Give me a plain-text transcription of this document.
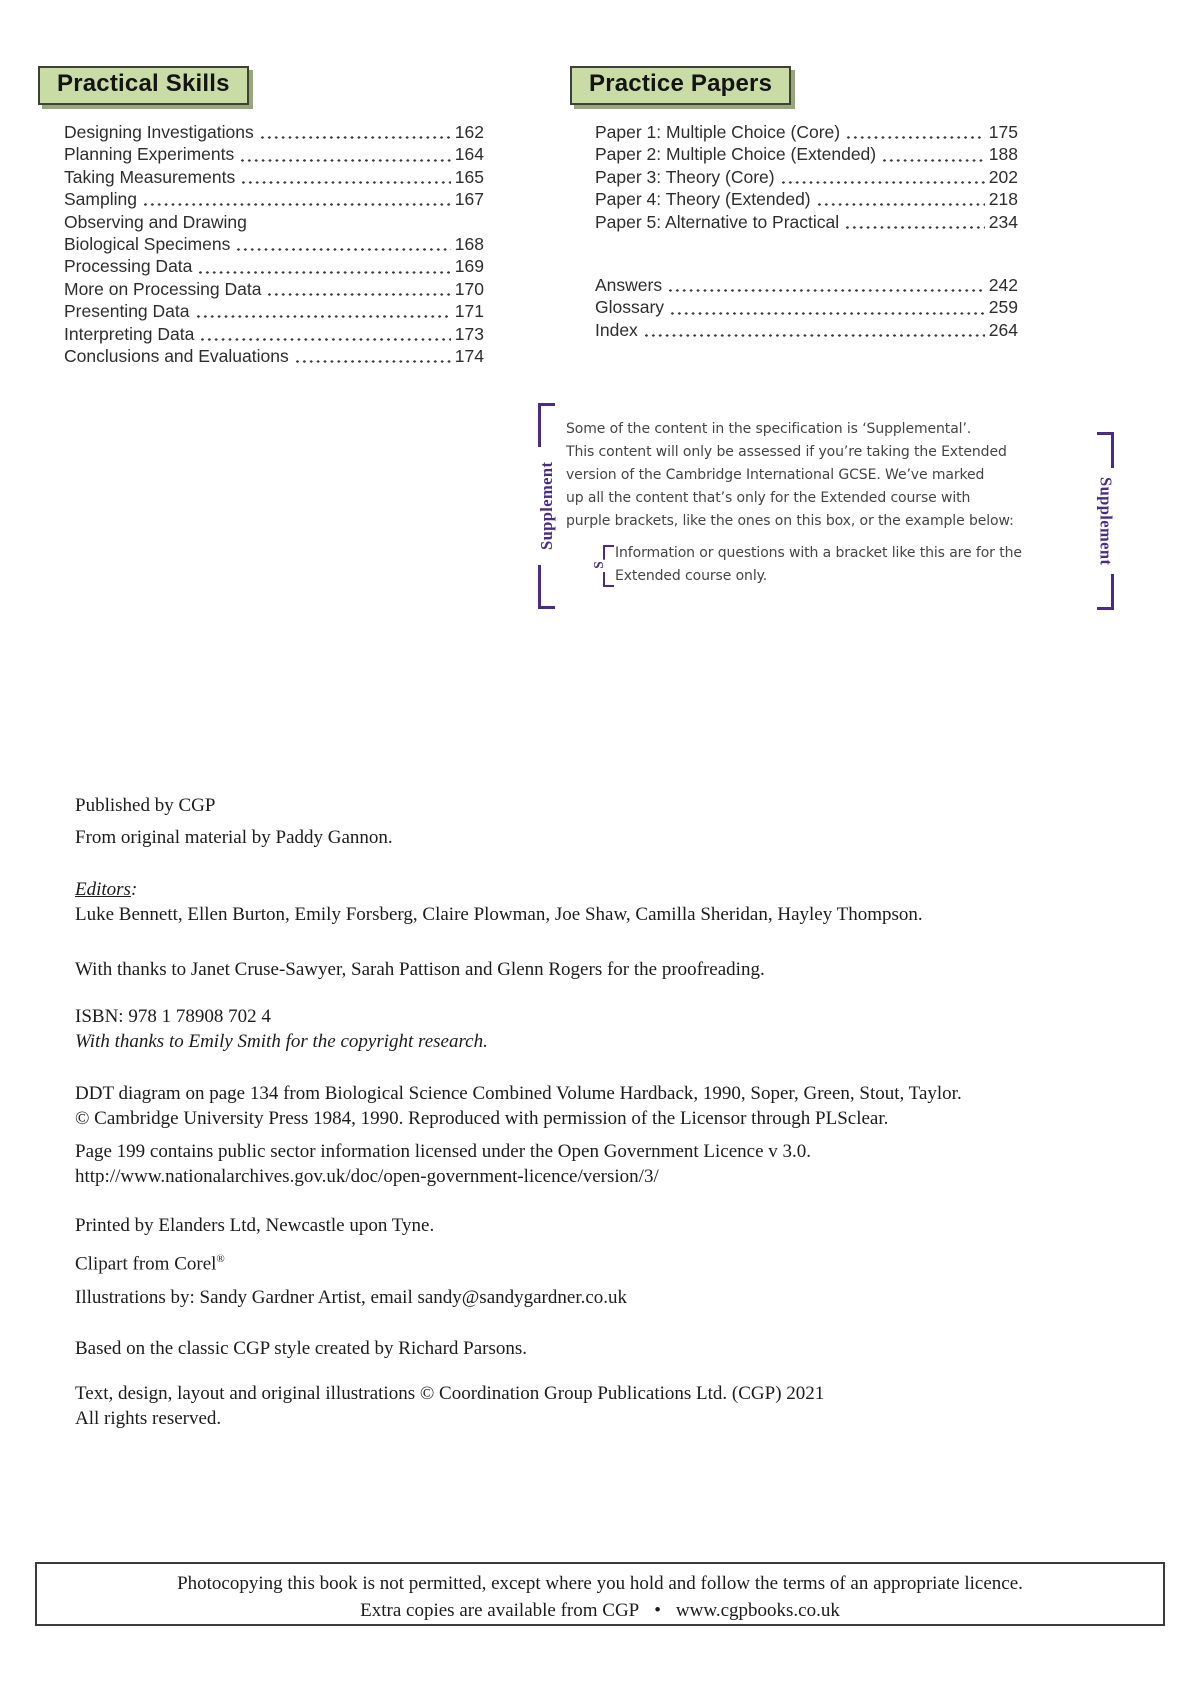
Practical Skills
Designing Investigations	162
Planning Experiments	164
Taking Measurements	165
Sampling	167
Observing and Drawing
Biological Specimens	168
Processing Data	169
More on Processing Data	170
Presenting Data	171
Interpreting Data	173
Conclusions and Evaluations	174
Practice Papers
Paper 1: Multiple Choice (Core)	175
Paper 2: Multiple Choice (Extended)	188
Paper 3: Theory (Core)	202
Paper 4: Theory (Extended)	218
Paper 5: Alternative to Practical	234
Answers	242
Glossary	259
Index	264
Supplement	Supplement
Some of the content in the specification is ‘Supplemental’.
This content will only be assessed if you’re taking the Extended
version of the Cambridge International GCSE. We’ve marked
up all the content that’s only for the Extended course with
purple brackets, like the ones on this box, or the example below:
S
Information or questions with a bracket like this are for the
Extended course only.

Published by CGP

From original material by Paddy Gannon.

Editors:

Luke Bennett, Ellen Burton, Emily Forsberg, Claire Plowman, Joe Shaw, Camilla Sheridan, Hayley Thompson.

With thanks to Janet Cruse-Sawyer, Sarah Pattison and Glenn Rogers for the proofreading.

ISBN: 978 1 78908 702 4

With thanks to Emily Smith for the copyright research.

DDT diagram on page 134 from Biological Science Combined Volume Hardback, 1990, Soper, Green, Stout, Taylor.

© Cambridge University Press 1984, 1990. Reproduced with permission of the Licensor through PLSclear.

Page 199 contains public sector information licensed under the Open Government Licence v 3.0.

http://www.nationalarchives.gov.uk/doc/open-government-licence/version/3/

Printed by Elanders Ltd, Newcastle upon Tyne.

Clipart from Corel®

Illustrations by: Sandy Gardner Artist, email sandy@sandygardner.co.uk

Based on the classic CGP style created by Richard Parsons.

Text, design, layout and original illustrations © Coordination Group Publications Ltd. (CGP) 2021

All rights reserved.

Photocopying this book is not permitted, except where you hold and follow the terms of an appropriate licence.
Extra copies are available from CGP • www.cgpbooks.co.uk
